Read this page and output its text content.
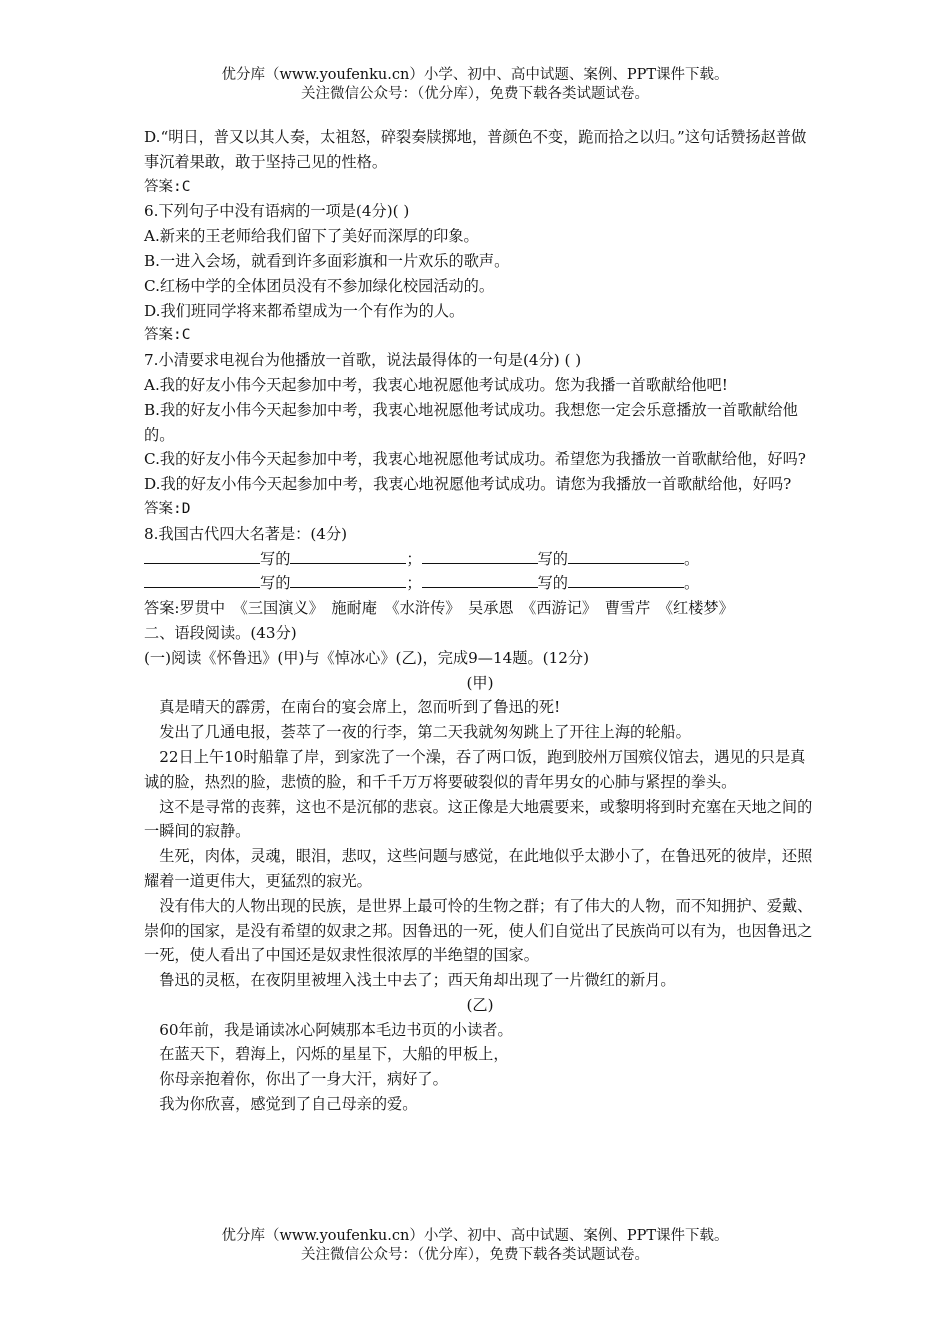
优分库（www.youfenku.cn）小学、初中、高中试题、案例、PPT课件下载。
关注微信公众号：（优分库），免费下载各类试题试卷。

D.“明日，普又以其人奏，太祖怒，碎裂奏牍掷地，普颜色不变，跪而拾之以归。”这句话赞扬赵普做事沉着果敢，敢于坚持己见的性格。

答案:C

6.下列句子中没有语病的一项是(4分)( )

A.新来的王老师给我们留下了美好而深厚的印象。

B.一进入会场，就看到许多面彩旗和一片欢乐的歌声。

C.红杨中学的全体团员没有不参加绿化校园活动的。

D.我们班同学将来都希望成为一个有作为的人。

答案:C

7.小清要求电视台为他播放一首歌，说法最得体的一句是(4分) ( )

A.我的好友小伟今天起参加中考，我衷心地祝愿他考试成功。您为我播一首歌献给他吧!

B.我的好友小伟今天起参加中考，我衷心地祝愿他考试成功。我想您一定会乐意播放一首歌献给他的。

C.我的好友小伟今天起参加中考，我衷心地祝愿他考试成功。希望您为我播放一首歌献给他，好吗?

D.我的好友小伟今天起参加中考，我衷心地祝愿他考试成功。请您为我播放一首歌献给他，好吗?

答案:D

8.我国古代四大名著是：(4分)

写的	；	写的	。

写的	；	写的	。

答案:罗贯中　《三国演义》　施耐庵　《水浒传》　吴承恩　《西游记》　曹雪芹　《红楼梦》

二、语段阅读。(43分)

(一)阅读《怀鲁迅》(甲)与《悼冰心》(乙)，完成9—14题。(12分)

(甲)

真是晴天的霹雳，在南台的宴会席上，忽而听到了鲁迅的死!

发出了几通电报，荟萃了一夜的行李，第二天我就匆匆跳上了开往上海的轮船。

22日上午10时船靠了岸，到家洗了一个澡，吞了两口饭，跑到胶州万国殡仪馆去，遇见的只是真诚的脸，热烈的脸，悲愤的脸，和千千万万将要破裂似的青年男女的心肺与紧捏的拳头。

这不是寻常的丧葬，这也不是沉郁的悲哀。这正像是大地震要来，或黎明将到时充塞在天地之间的一瞬间的寂静。

生死，肉体，灵魂，眼泪，悲叹，这些问题与感觉，在此地似乎太渺小了，在鲁迅死的彼岸，还照耀着一道更伟大，更猛烈的寂光。

没有伟大的人物出现的民族，是世界上最可怜的生物之群；有了伟大的人物，而不知拥护、爱戴、崇仰的国家，是没有希望的奴隶之邦。因鲁迅的一死，使人们自觉出了民族尚可以有为，也因鲁迅之一死，使人看出了中国还是奴隶性很浓厚的半绝望的国家。

鲁迅的灵柩，在夜阴里被埋入浅土中去了；西天角却出现了一片微红的新月。

(乙)

60年前，我是诵读冰心阿姨那本毛边书页的小读者。

在蓝天下，碧海上，闪烁的星星下，大船的甲板上，

你母亲抱着你，你出了一身大汗，病好了。

我为你欣喜，感觉到了自己母亲的爱。

优分库（www.youfenku.cn）小学、初中、高中试题、案例、PPT课件下载。
关注微信公众号：（优分库），免费下载各类试题试卷。
